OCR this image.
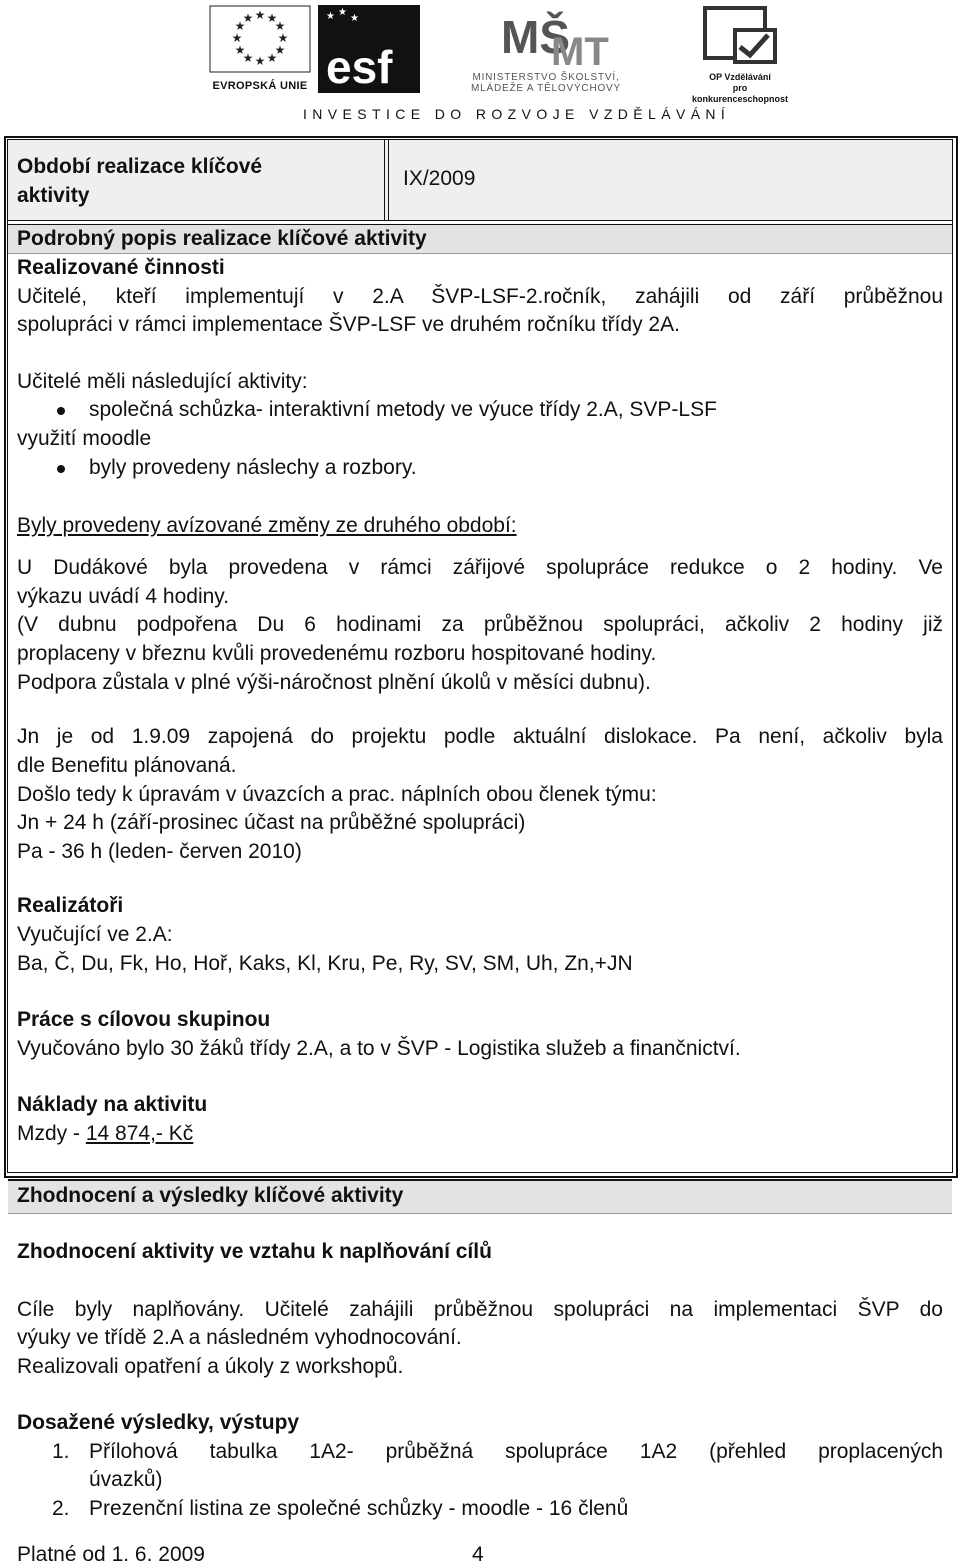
★ ★
★
★
★
★
★
★
★
★
★
★
EVROPSKÁ UNIE
★ ★
★
esf
MŠ
MT
MINISTERSTVO ŠKOLSTVÍ,
MLÁDEŽE A TĚLOVÝCHOVY
OP Vzdělávání
pro konkurenceschopnost
INVESTICE DO ROZVOJE VZDĚLÁVÁNÍ
Období realizace klíčové
aktivity
IX/2009
Podrobný popis realizace klíčové aktivity
Realizované činnosti
Učitelé, kteří implementují v 2.A ŠVP-LSF-2.ročník, zahájili od září průběžnou
spolupráci v rámci implementace ŠVP-LSF ve druhém ročníku třídy 2A.
Učitelé měli následující aktivity:
společná schůzka- interaktivní metody ve výuce třídy 2.A, SVP-LSF
využití moodle
byly provedeny náslechy a rozbory.
Byly provedeny avízované změny ze druhého období:
U Dudákové byla provedena v rámci zářijové spolupráce redukce o 2 hodiny. Ve
výkazu uvádí 4 hodiny.
(V dubnu podpořena Du 6 hodinami za průběžnou spolupráci, ačkoliv 2 hodiny již
proplaceny v březnu kvůli provedenému rozboru hospitované hodiny.
Podpora zůstala v plné výši-náročnost plnění úkolů v měsíci dubnu).
Jn je od 1.9.09 zapojená do projektu podle aktuální dislokace. Pa není, ačkoliv byla
dle Benefitu plánovaná.
Došlo tedy k úpravám v úvazcích a prac. náplních obou členek týmu:
Jn + 24 h (září-prosinec účast na průběžné spolupráci)
Pa - 36 h (leden- červen 2010)
Realizátoři
Vyučující ve 2.A:
Ba, Č, Du, Fk, Ho, Hoř, Kaks, Kl, Kru, Pe, Ry, SV, SM, Uh, Zn,+JN
Práce s cílovou skupinou
Vyučováno bylo 30 žáků třídy 2.A, a to v ŠVP - Logistika služeb a finančnictví.
Náklady na aktivitu
Mzdy - 14 874,- Kč
Zhodnocení a výsledky klíčové aktivity
Zhodnocení aktivity ve vztahu k naplňování cílů
Cíle byly naplňovány. Učitelé zahájili průběžnou spolupráci na implementaci ŠVP do
výuky ve třídě 2.A a následném vyhodnocování.
Realizovali opatření a úkoly z workshopů.
Dosažené výsledky, výstupy
1. Přílohová tabulka 1A2- průběžná spolupráce 1A2 (přehled proplacených
úvazků)
2. Prezenční listina ze společné schůzky - moodle - 16 členů
Platné od 1. 6. 2009	4
